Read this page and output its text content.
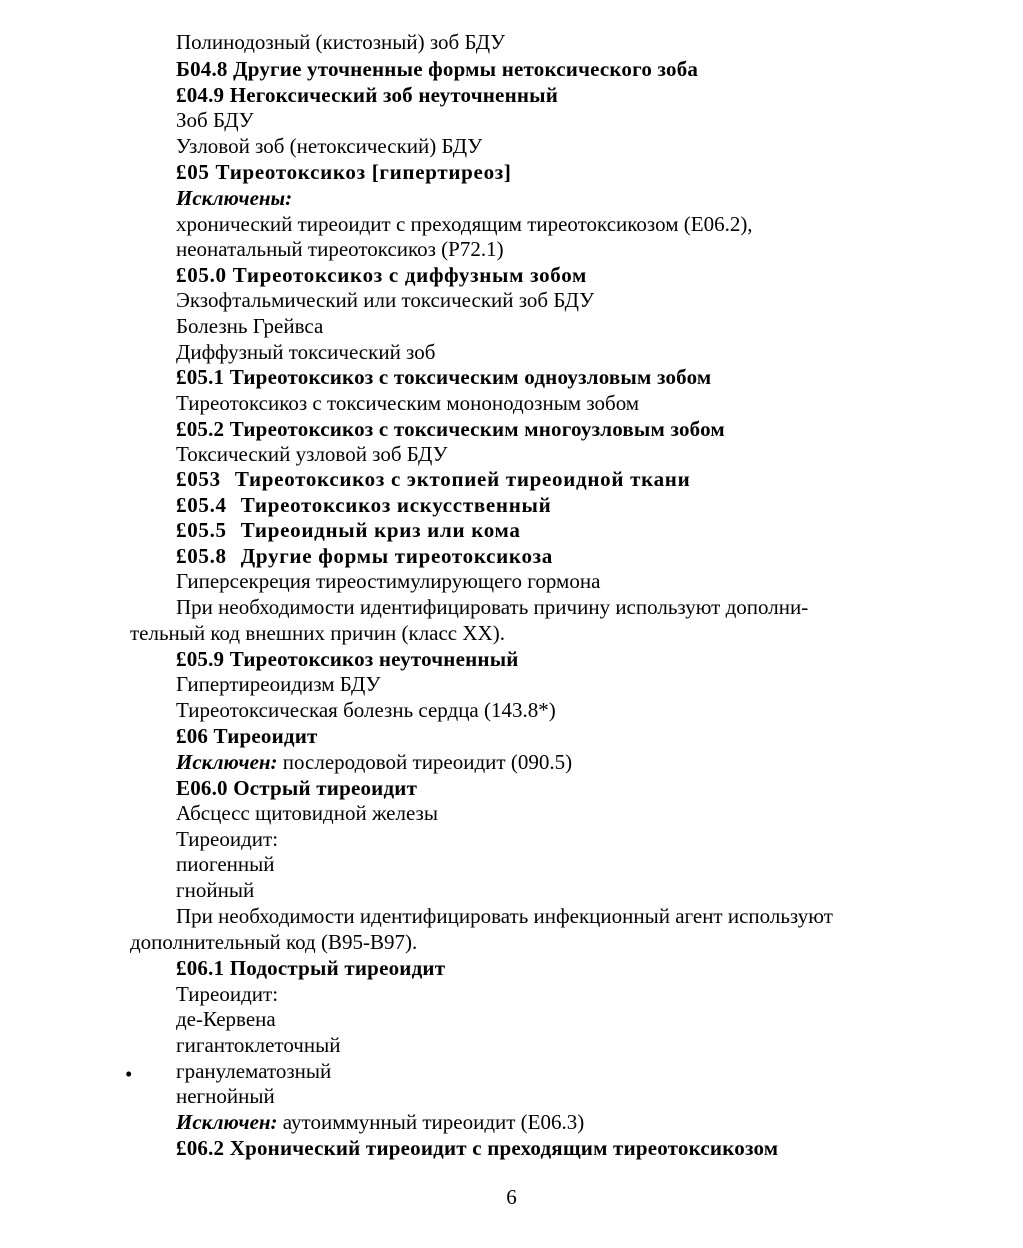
Полинодозный (кистозный) зоб БДУ
Б04.8 Другие уточненные формы нетоксического зоба
£04.9 Негоксический зоб неуточненный
Зоб БДУ
Узловой зоб (нетоксический) БДУ
£05 Тиреотоксикоз [гипертиреоз]
Исключены:
хронический тиреоидит с преходящим тиреотоксикозом (Е06.2),
неонатальный тиреотоксикоз (Р72.1)
£05.0 Тиреотоксикоз с диффузным зобом
Экзофтальмический или токсический зоб БДУ
Болезнь Грейвса
Диффузный токсический зоб
£05.1 Тиреотоксикоз с токсическим одноузловым зобом
Тиреотоксикоз с токсическим мононодозным зобом
£05.2 Тиреотоксикоз с токсическим многоузловым зобом
Токсический узловой зоб БДУ
£053 Тиреотоксикоз с эктопией тиреоидной ткани
£05.4 Тиреотоксикоз искусственный
£05.5 Тиреоидный криз или кома
£05.8 Другие формы тиреотоксикоза
Гиперсекреция тиреостимулирующего гормона
При необходимости идентифицировать причину используют дополни-
тельный код внешних причин (класс XX).
£05.9 Тиреотоксикоз неуточненный
Гипертиреоидизм БДУ
Тиреотоксическая болезнь сердца (143.8*)
£06 Тиреоидит
Исключен: послеродовой тиреоидит (090.5)
Е06.0 Острый тиреоидит
Абсцесс щитовидной железы
Тиреоидит:
пиогенный
гнойный
При необходимости идентифицировать инфекционный агент используют
дополнительный код (В95-В97).
£06.1 Подострый тиреоидит
Тиреоидит:
де-Кервена
гигантоклеточный
• гранулематозный
негнойный
Исключен: аутоиммунный тиреоидит (Е06.3)
£06.2 Хронический тиреоидит с преходящим тиреотоксикозом
6
